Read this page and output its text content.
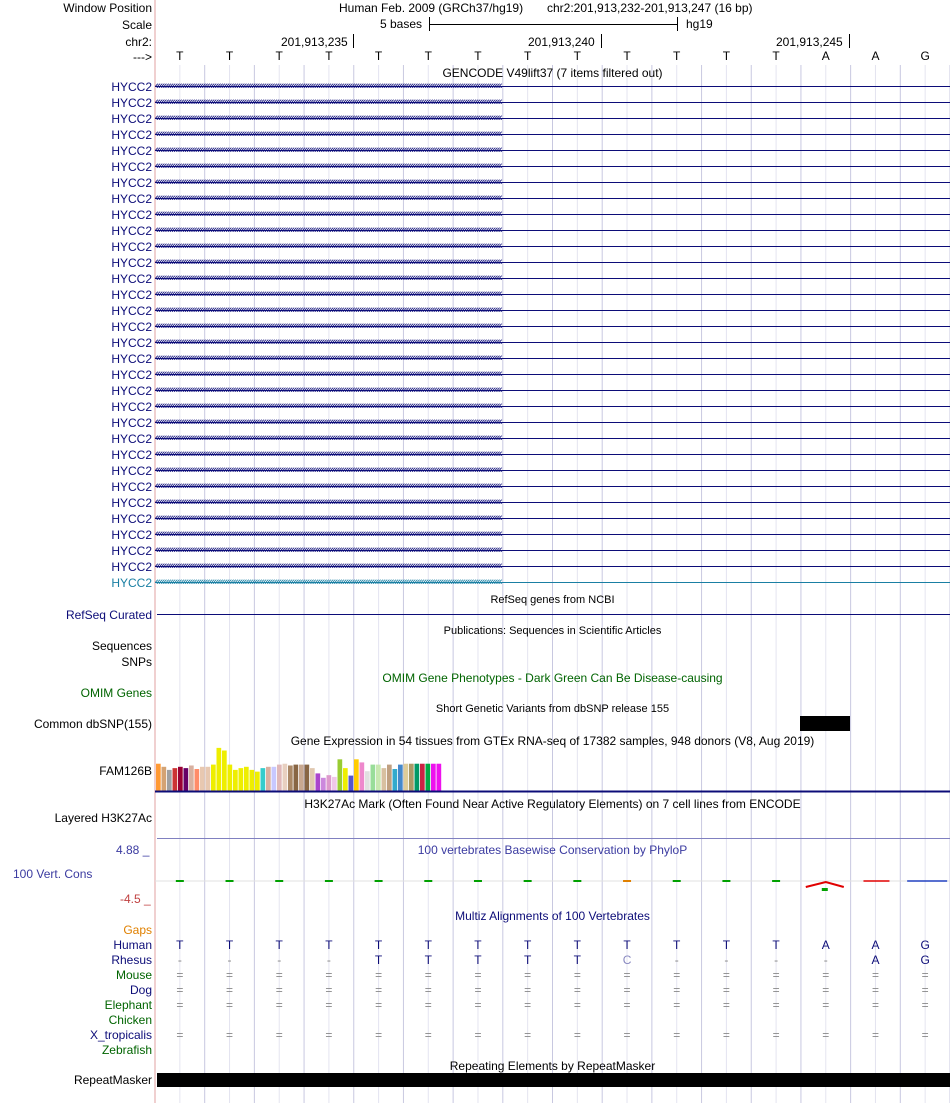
Window Position	Human Feb. 2009 (GRCh37/hg19) chr2:201,913,232-201,913,247 (16 bp)
Scale	5 bases	hg19
chr2:	201,913,235	201,913,240	201,913,245
--->	T	T	T	T	T	T	T	T	T	T	T	T	T	A	A	G
GENCODE V49lift37 (7 items filtered out)
HYCC2 ‹‹‹‹‹‹‹‹‹‹‹‹‹‹‹‹‹‹‹‹‹‹‹‹‹‹‹‹‹‹‹‹‹‹‹‹‹‹‹‹‹‹‹‹‹‹‹‹‹‹‹‹‹‹‹‹‹‹‹‹‹‹‹‹‹‹‹‹‹‹‹‹‹‹‹‹‹‹‹‹‹‹‹‹‹‹‹‹‹‹‹‹‹‹‹‹‹‹‹‹‹‹‹‹‹‹‹‹‹‹‹‹‹‹‹‹‹‹‹‹‹‹‹‹‹‹‹‹‹‹‹‹‹‹‹‹‹‹‹‹‹‹‹‹‹‹‹‹‹‹‹‹‹‹‹‹‹‹‹‹
HYCC2 ‹‹‹‹‹‹‹‹‹‹‹‹‹‹‹‹‹‹‹‹‹‹‹‹‹‹‹‹‹‹‹‹‹‹‹‹‹‹‹‹‹‹‹‹‹‹‹‹‹‹‹‹‹‹‹‹‹‹‹‹‹‹‹‹‹‹‹‹‹‹‹‹‹‹‹‹‹‹‹‹‹‹‹‹‹‹‹‹‹‹‹‹‹‹‹‹‹‹‹‹‹‹‹‹‹‹‹‹‹‹‹‹‹‹‹‹‹‹‹‹‹‹‹‹‹‹‹‹‹‹‹‹‹‹‹‹‹‹‹‹‹‹‹‹‹‹‹‹‹‹‹‹‹‹‹‹‹‹‹‹
HYCC2 ‹‹‹‹‹‹‹‹‹‹‹‹‹‹‹‹‹‹‹‹‹‹‹‹‹‹‹‹‹‹‹‹‹‹‹‹‹‹‹‹‹‹‹‹‹‹‹‹‹‹‹‹‹‹‹‹‹‹‹‹‹‹‹‹‹‹‹‹‹‹‹‹‹‹‹‹‹‹‹‹‹‹‹‹‹‹‹‹‹‹‹‹‹‹‹‹‹‹‹‹‹‹‹‹‹‹‹‹‹‹‹‹‹‹‹‹‹‹‹‹‹‹‹‹‹‹‹‹‹‹‹‹‹‹‹‹‹‹‹‹‹‹‹‹‹‹‹‹‹‹‹‹‹‹‹‹‹‹‹‹
HYCC2 ‹‹‹‹‹‹‹‹‹‹‹‹‹‹‹‹‹‹‹‹‹‹‹‹‹‹‹‹‹‹‹‹‹‹‹‹‹‹‹‹‹‹‹‹‹‹‹‹‹‹‹‹‹‹‹‹‹‹‹‹‹‹‹‹‹‹‹‹‹‹‹‹‹‹‹‹‹‹‹‹‹‹‹‹‹‹‹‹‹‹‹‹‹‹‹‹‹‹‹‹‹‹‹‹‹‹‹‹‹‹‹‹‹‹‹‹‹‹‹‹‹‹‹‹‹‹‹‹‹‹‹‹‹‹‹‹‹‹‹‹‹‹‹‹‹‹‹‹‹‹‹‹‹‹‹‹‹‹‹‹
HYCC2 ‹‹‹‹‹‹‹‹‹‹‹‹‹‹‹‹‹‹‹‹‹‹‹‹‹‹‹‹‹‹‹‹‹‹‹‹‹‹‹‹‹‹‹‹‹‹‹‹‹‹‹‹‹‹‹‹‹‹‹‹‹‹‹‹‹‹‹‹‹‹‹‹‹‹‹‹‹‹‹‹‹‹‹‹‹‹‹‹‹‹‹‹‹‹‹‹‹‹‹‹‹‹‹‹‹‹‹‹‹‹‹‹‹‹‹‹‹‹‹‹‹‹‹‹‹‹‹‹‹‹‹‹‹‹‹‹‹‹‹‹‹‹‹‹‹‹‹‹‹‹‹‹‹‹‹‹‹‹‹‹
HYCC2 ‹‹‹‹‹‹‹‹‹‹‹‹‹‹‹‹‹‹‹‹‹‹‹‹‹‹‹‹‹‹‹‹‹‹‹‹‹‹‹‹‹‹‹‹‹‹‹‹‹‹‹‹‹‹‹‹‹‹‹‹‹‹‹‹‹‹‹‹‹‹‹‹‹‹‹‹‹‹‹‹‹‹‹‹‹‹‹‹‹‹‹‹‹‹‹‹‹‹‹‹‹‹‹‹‹‹‹‹‹‹‹‹‹‹‹‹‹‹‹‹‹‹‹‹‹‹‹‹‹‹‹‹‹‹‹‹‹‹‹‹‹‹‹‹‹‹‹‹‹‹‹‹‹‹‹‹‹‹‹‹
HYCC2 ‹‹‹‹‹‹‹‹‹‹‹‹‹‹‹‹‹‹‹‹‹‹‹‹‹‹‹‹‹‹‹‹‹‹‹‹‹‹‹‹‹‹‹‹‹‹‹‹‹‹‹‹‹‹‹‹‹‹‹‹‹‹‹‹‹‹‹‹‹‹‹‹‹‹‹‹‹‹‹‹‹‹‹‹‹‹‹‹‹‹‹‹‹‹‹‹‹‹‹‹‹‹‹‹‹‹‹‹‹‹‹‹‹‹‹‹‹‹‹‹‹‹‹‹‹‹‹‹‹‹‹‹‹‹‹‹‹‹‹‹‹‹‹‹‹‹‹‹‹‹‹‹‹‹‹‹‹‹‹‹
HYCC2 ‹‹‹‹‹‹‹‹‹‹‹‹‹‹‹‹‹‹‹‹‹‹‹‹‹‹‹‹‹‹‹‹‹‹‹‹‹‹‹‹‹‹‹‹‹‹‹‹‹‹‹‹‹‹‹‹‹‹‹‹‹‹‹‹‹‹‹‹‹‹‹‹‹‹‹‹‹‹‹‹‹‹‹‹‹‹‹‹‹‹‹‹‹‹‹‹‹‹‹‹‹‹‹‹‹‹‹‹‹‹‹‹‹‹‹‹‹‹‹‹‹‹‹‹‹‹‹‹‹‹‹‹‹‹‹‹‹‹‹‹‹‹‹‹‹‹‹‹‹‹‹‹‹‹‹‹‹‹‹‹
HYCC2 ‹‹‹‹‹‹‹‹‹‹‹‹‹‹‹‹‹‹‹‹‹‹‹‹‹‹‹‹‹‹‹‹‹‹‹‹‹‹‹‹‹‹‹‹‹‹‹‹‹‹‹‹‹‹‹‹‹‹‹‹‹‹‹‹‹‹‹‹‹‹‹‹‹‹‹‹‹‹‹‹‹‹‹‹‹‹‹‹‹‹‹‹‹‹‹‹‹‹‹‹‹‹‹‹‹‹‹‹‹‹‹‹‹‹‹‹‹‹‹‹‹‹‹‹‹‹‹‹‹‹‹‹‹‹‹‹‹‹‹‹‹‹‹‹‹‹‹‹‹‹‹‹‹‹‹‹‹‹‹‹
HYCC2 ‹‹‹‹‹‹‹‹‹‹‹‹‹‹‹‹‹‹‹‹‹‹‹‹‹‹‹‹‹‹‹‹‹‹‹‹‹‹‹‹‹‹‹‹‹‹‹‹‹‹‹‹‹‹‹‹‹‹‹‹‹‹‹‹‹‹‹‹‹‹‹‹‹‹‹‹‹‹‹‹‹‹‹‹‹‹‹‹‹‹‹‹‹‹‹‹‹‹‹‹‹‹‹‹‹‹‹‹‹‹‹‹‹‹‹‹‹‹‹‹‹‹‹‹‹‹‹‹‹‹‹‹‹‹‹‹‹‹‹‹‹‹‹‹‹‹‹‹‹‹‹‹‹‹‹‹‹‹‹‹
HYCC2 ‹‹‹‹‹‹‹‹‹‹‹‹‹‹‹‹‹‹‹‹‹‹‹‹‹‹‹‹‹‹‹‹‹‹‹‹‹‹‹‹‹‹‹‹‹‹‹‹‹‹‹‹‹‹‹‹‹‹‹‹‹‹‹‹‹‹‹‹‹‹‹‹‹‹‹‹‹‹‹‹‹‹‹‹‹‹‹‹‹‹‹‹‹‹‹‹‹‹‹‹‹‹‹‹‹‹‹‹‹‹‹‹‹‹‹‹‹‹‹‹‹‹‹‹‹‹‹‹‹‹‹‹‹‹‹‹‹‹‹‹‹‹‹‹‹‹‹‹‹‹‹‹‹‹‹‹‹‹‹‹
HYCC2 ‹‹‹‹‹‹‹‹‹‹‹‹‹‹‹‹‹‹‹‹‹‹‹‹‹‹‹‹‹‹‹‹‹‹‹‹‹‹‹‹‹‹‹‹‹‹‹‹‹‹‹‹‹‹‹‹‹‹‹‹‹‹‹‹‹‹‹‹‹‹‹‹‹‹‹‹‹‹‹‹‹‹‹‹‹‹‹‹‹‹‹‹‹‹‹‹‹‹‹‹‹‹‹‹‹‹‹‹‹‹‹‹‹‹‹‹‹‹‹‹‹‹‹‹‹‹‹‹‹‹‹‹‹‹‹‹‹‹‹‹‹‹‹‹‹‹‹‹‹‹‹‹‹‹‹‹‹‹‹‹
HYCC2 ‹‹‹‹‹‹‹‹‹‹‹‹‹‹‹‹‹‹‹‹‹‹‹‹‹‹‹‹‹‹‹‹‹‹‹‹‹‹‹‹‹‹‹‹‹‹‹‹‹‹‹‹‹‹‹‹‹‹‹‹‹‹‹‹‹‹‹‹‹‹‹‹‹‹‹‹‹‹‹‹‹‹‹‹‹‹‹‹‹‹‹‹‹‹‹‹‹‹‹‹‹‹‹‹‹‹‹‹‹‹‹‹‹‹‹‹‹‹‹‹‹‹‹‹‹‹‹‹‹‹‹‹‹‹‹‹‹‹‹‹‹‹‹‹‹‹‹‹‹‹‹‹‹‹‹‹‹‹‹‹
HYCC2 ‹‹‹‹‹‹‹‹‹‹‹‹‹‹‹‹‹‹‹‹‹‹‹‹‹‹‹‹‹‹‹‹‹‹‹‹‹‹‹‹‹‹‹‹‹‹‹‹‹‹‹‹‹‹‹‹‹‹‹‹‹‹‹‹‹‹‹‹‹‹‹‹‹‹‹‹‹‹‹‹‹‹‹‹‹‹‹‹‹‹‹‹‹‹‹‹‹‹‹‹‹‹‹‹‹‹‹‹‹‹‹‹‹‹‹‹‹‹‹‹‹‹‹‹‹‹‹‹‹‹‹‹‹‹‹‹‹‹‹‹‹‹‹‹‹‹‹‹‹‹‹‹‹‹‹‹‹‹‹‹
HYCC2 ‹‹‹‹‹‹‹‹‹‹‹‹‹‹‹‹‹‹‹‹‹‹‹‹‹‹‹‹‹‹‹‹‹‹‹‹‹‹‹‹‹‹‹‹‹‹‹‹‹‹‹‹‹‹‹‹‹‹‹‹‹‹‹‹‹‹‹‹‹‹‹‹‹‹‹‹‹‹‹‹‹‹‹‹‹‹‹‹‹‹‹‹‹‹‹‹‹‹‹‹‹‹‹‹‹‹‹‹‹‹‹‹‹‹‹‹‹‹‹‹‹‹‹‹‹‹‹‹‹‹‹‹‹‹‹‹‹‹‹‹‹‹‹‹‹‹‹‹‹‹‹‹‹‹‹‹‹‹‹‹
HYCC2 ‹‹‹‹‹‹‹‹‹‹‹‹‹‹‹‹‹‹‹‹‹‹‹‹‹‹‹‹‹‹‹‹‹‹‹‹‹‹‹‹‹‹‹‹‹‹‹‹‹‹‹‹‹‹‹‹‹‹‹‹‹‹‹‹‹‹‹‹‹‹‹‹‹‹‹‹‹‹‹‹‹‹‹‹‹‹‹‹‹‹‹‹‹‹‹‹‹‹‹‹‹‹‹‹‹‹‹‹‹‹‹‹‹‹‹‹‹‹‹‹‹‹‹‹‹‹‹‹‹‹‹‹‹‹‹‹‹‹‹‹‹‹‹‹‹‹‹‹‹‹‹‹‹‹‹‹‹‹‹‹
HYCC2 ‹‹‹‹‹‹‹‹‹‹‹‹‹‹‹‹‹‹‹‹‹‹‹‹‹‹‹‹‹‹‹‹‹‹‹‹‹‹‹‹‹‹‹‹‹‹‹‹‹‹‹‹‹‹‹‹‹‹‹‹‹‹‹‹‹‹‹‹‹‹‹‹‹‹‹‹‹‹‹‹‹‹‹‹‹‹‹‹‹‹‹‹‹‹‹‹‹‹‹‹‹‹‹‹‹‹‹‹‹‹‹‹‹‹‹‹‹‹‹‹‹‹‹‹‹‹‹‹‹‹‹‹‹‹‹‹‹‹‹‹‹‹‹‹‹‹‹‹‹‹‹‹‹‹‹‹‹‹‹‹
HYCC2 ‹‹‹‹‹‹‹‹‹‹‹‹‹‹‹‹‹‹‹‹‹‹‹‹‹‹‹‹‹‹‹‹‹‹‹‹‹‹‹‹‹‹‹‹‹‹‹‹‹‹‹‹‹‹‹‹‹‹‹‹‹‹‹‹‹‹‹‹‹‹‹‹‹‹‹‹‹‹‹‹‹‹‹‹‹‹‹‹‹‹‹‹‹‹‹‹‹‹‹‹‹‹‹‹‹‹‹‹‹‹‹‹‹‹‹‹‹‹‹‹‹‹‹‹‹‹‹‹‹‹‹‹‹‹‹‹‹‹‹‹‹‹‹‹‹‹‹‹‹‹‹‹‹‹‹‹‹‹‹‹
HYCC2 ‹‹‹‹‹‹‹‹‹‹‹‹‹‹‹‹‹‹‹‹‹‹‹‹‹‹‹‹‹‹‹‹‹‹‹‹‹‹‹‹‹‹‹‹‹‹‹‹‹‹‹‹‹‹‹‹‹‹‹‹‹‹‹‹‹‹‹‹‹‹‹‹‹‹‹‹‹‹‹‹‹‹‹‹‹‹‹‹‹‹‹‹‹‹‹‹‹‹‹‹‹‹‹‹‹‹‹‹‹‹‹‹‹‹‹‹‹‹‹‹‹‹‹‹‹‹‹‹‹‹‹‹‹‹‹‹‹‹‹‹‹‹‹‹‹‹‹‹‹‹‹‹‹‹‹‹‹‹‹‹
HYCC2 ‹‹‹‹‹‹‹‹‹‹‹‹‹‹‹‹‹‹‹‹‹‹‹‹‹‹‹‹‹‹‹‹‹‹‹‹‹‹‹‹‹‹‹‹‹‹‹‹‹‹‹‹‹‹‹‹‹‹‹‹‹‹‹‹‹‹‹‹‹‹‹‹‹‹‹‹‹‹‹‹‹‹‹‹‹‹‹‹‹‹‹‹‹‹‹‹‹‹‹‹‹‹‹‹‹‹‹‹‹‹‹‹‹‹‹‹‹‹‹‹‹‹‹‹‹‹‹‹‹‹‹‹‹‹‹‹‹‹‹‹‹‹‹‹‹‹‹‹‹‹‹‹‹‹‹‹‹‹‹‹
HYCC2 ‹‹‹‹‹‹‹‹‹‹‹‹‹‹‹‹‹‹‹‹‹‹‹‹‹‹‹‹‹‹‹‹‹‹‹‹‹‹‹‹‹‹‹‹‹‹‹‹‹‹‹‹‹‹‹‹‹‹‹‹‹‹‹‹‹‹‹‹‹‹‹‹‹‹‹‹‹‹‹‹‹‹‹‹‹‹‹‹‹‹‹‹‹‹‹‹‹‹‹‹‹‹‹‹‹‹‹‹‹‹‹‹‹‹‹‹‹‹‹‹‹‹‹‹‹‹‹‹‹‹‹‹‹‹‹‹‹‹‹‹‹‹‹‹‹‹‹‹‹‹‹‹‹‹‹‹‹‹‹‹
HYCC2 ‹‹‹‹‹‹‹‹‹‹‹‹‹‹‹‹‹‹‹‹‹‹‹‹‹‹‹‹‹‹‹‹‹‹‹‹‹‹‹‹‹‹‹‹‹‹‹‹‹‹‹‹‹‹‹‹‹‹‹‹‹‹‹‹‹‹‹‹‹‹‹‹‹‹‹‹‹‹‹‹‹‹‹‹‹‹‹‹‹‹‹‹‹‹‹‹‹‹‹‹‹‹‹‹‹‹‹‹‹‹‹‹‹‹‹‹‹‹‹‹‹‹‹‹‹‹‹‹‹‹‹‹‹‹‹‹‹‹‹‹‹‹‹‹‹‹‹‹‹‹‹‹‹‹‹‹‹‹‹‹
HYCC2 ‹‹‹‹‹‹‹‹‹‹‹‹‹‹‹‹‹‹‹‹‹‹‹‹‹‹‹‹‹‹‹‹‹‹‹‹‹‹‹‹‹‹‹‹‹‹‹‹‹‹‹‹‹‹‹‹‹‹‹‹‹‹‹‹‹‹‹‹‹‹‹‹‹‹‹‹‹‹‹‹‹‹‹‹‹‹‹‹‹‹‹‹‹‹‹‹‹‹‹‹‹‹‹‹‹‹‹‹‹‹‹‹‹‹‹‹‹‹‹‹‹‹‹‹‹‹‹‹‹‹‹‹‹‹‹‹‹‹‹‹‹‹‹‹‹‹‹‹‹‹‹‹‹‹‹‹‹‹‹‹
HYCC2 ‹‹‹‹‹‹‹‹‹‹‹‹‹‹‹‹‹‹‹‹‹‹‹‹‹‹‹‹‹‹‹‹‹‹‹‹‹‹‹‹‹‹‹‹‹‹‹‹‹‹‹‹‹‹‹‹‹‹‹‹‹‹‹‹‹‹‹‹‹‹‹‹‹‹‹‹‹‹‹‹‹‹‹‹‹‹‹‹‹‹‹‹‹‹‹‹‹‹‹‹‹‹‹‹‹‹‹‹‹‹‹‹‹‹‹‹‹‹‹‹‹‹‹‹‹‹‹‹‹‹‹‹‹‹‹‹‹‹‹‹‹‹‹‹‹‹‹‹‹‹‹‹‹‹‹‹‹‹‹‹
HYCC2 ‹‹‹‹‹‹‹‹‹‹‹‹‹‹‹‹‹‹‹‹‹‹‹‹‹‹‹‹‹‹‹‹‹‹‹‹‹‹‹‹‹‹‹‹‹‹‹‹‹‹‹‹‹‹‹‹‹‹‹‹‹‹‹‹‹‹‹‹‹‹‹‹‹‹‹‹‹‹‹‹‹‹‹‹‹‹‹‹‹‹‹‹‹‹‹‹‹‹‹‹‹‹‹‹‹‹‹‹‹‹‹‹‹‹‹‹‹‹‹‹‹‹‹‹‹‹‹‹‹‹‹‹‹‹‹‹‹‹‹‹‹‹‹‹‹‹‹‹‹‹‹‹‹‹‹‹‹‹‹‹
HYCC2 ‹‹‹‹‹‹‹‹‹‹‹‹‹‹‹‹‹‹‹‹‹‹‹‹‹‹‹‹‹‹‹‹‹‹‹‹‹‹‹‹‹‹‹‹‹‹‹‹‹‹‹‹‹‹‹‹‹‹‹‹‹‹‹‹‹‹‹‹‹‹‹‹‹‹‹‹‹‹‹‹‹‹‹‹‹‹‹‹‹‹‹‹‹‹‹‹‹‹‹‹‹‹‹‹‹‹‹‹‹‹‹‹‹‹‹‹‹‹‹‹‹‹‹‹‹‹‹‹‹‹‹‹‹‹‹‹‹‹‹‹‹‹‹‹‹‹‹‹‹‹‹‹‹‹‹‹‹‹‹‹
HYCC2 ‹‹‹‹‹‹‹‹‹‹‹‹‹‹‹‹‹‹‹‹‹‹‹‹‹‹‹‹‹‹‹‹‹‹‹‹‹‹‹‹‹‹‹‹‹‹‹‹‹‹‹‹‹‹‹‹‹‹‹‹‹‹‹‹‹‹‹‹‹‹‹‹‹‹‹‹‹‹‹‹‹‹‹‹‹‹‹‹‹‹‹‹‹‹‹‹‹‹‹‹‹‹‹‹‹‹‹‹‹‹‹‹‹‹‹‹‹‹‹‹‹‹‹‹‹‹‹‹‹‹‹‹‹‹‹‹‹‹‹‹‹‹‹‹‹‹‹‹‹‹‹‹‹‹‹‹‹‹‹‹
HYCC2 ‹‹‹‹‹‹‹‹‹‹‹‹‹‹‹‹‹‹‹‹‹‹‹‹‹‹‹‹‹‹‹‹‹‹‹‹‹‹‹‹‹‹‹‹‹‹‹‹‹‹‹‹‹‹‹‹‹‹‹‹‹‹‹‹‹‹‹‹‹‹‹‹‹‹‹‹‹‹‹‹‹‹‹‹‹‹‹‹‹‹‹‹‹‹‹‹‹‹‹‹‹‹‹‹‹‹‹‹‹‹‹‹‹‹‹‹‹‹‹‹‹‹‹‹‹‹‹‹‹‹‹‹‹‹‹‹‹‹‹‹‹‹‹‹‹‹‹‹‹‹‹‹‹‹‹‹‹‹‹‹
HYCC2 ‹‹‹‹‹‹‹‹‹‹‹‹‹‹‹‹‹‹‹‹‹‹‹‹‹‹‹‹‹‹‹‹‹‹‹‹‹‹‹‹‹‹‹‹‹‹‹‹‹‹‹‹‹‹‹‹‹‹‹‹‹‹‹‹‹‹‹‹‹‹‹‹‹‹‹‹‹‹‹‹‹‹‹‹‹‹‹‹‹‹‹‹‹‹‹‹‹‹‹‹‹‹‹‹‹‹‹‹‹‹‹‹‹‹‹‹‹‹‹‹‹‹‹‹‹‹‹‹‹‹‹‹‹‹‹‹‹‹‹‹‹‹‹‹‹‹‹‹‹‹‹‹‹‹‹‹‹‹‹‹
HYCC2 ‹‹‹‹‹‹‹‹‹‹‹‹‹‹‹‹‹‹‹‹‹‹‹‹‹‹‹‹‹‹‹‹‹‹‹‹‹‹‹‹‹‹‹‹‹‹‹‹‹‹‹‹‹‹‹‹‹‹‹‹‹‹‹‹‹‹‹‹‹‹‹‹‹‹‹‹‹‹‹‹‹‹‹‹‹‹‹‹‹‹‹‹‹‹‹‹‹‹‹‹‹‹‹‹‹‹‹‹‹‹‹‹‹‹‹‹‹‹‹‹‹‹‹‹‹‹‹‹‹‹‹‹‹‹‹‹‹‹‹‹‹‹‹‹‹‹‹‹‹‹‹‹‹‹‹‹‹‹‹‹
HYCC2 ‹‹‹‹‹‹‹‹‹‹‹‹‹‹‹‹‹‹‹‹‹‹‹‹‹‹‹‹‹‹‹‹‹‹‹‹‹‹‹‹‹‹‹‹‹‹‹‹‹‹‹‹‹‹‹‹‹‹‹‹‹‹‹‹‹‹‹‹‹‹‹‹‹‹‹‹‹‹‹‹‹‹‹‹‹‹‹‹‹‹‹‹‹‹‹‹‹‹‹‹‹‹‹‹‹‹‹‹‹‹‹‹‹‹‹‹‹‹‹‹‹‹‹‹‹‹‹‹‹‹‹‹‹‹‹‹‹‹‹‹‹‹‹‹‹‹‹‹‹‹‹‹‹‹‹‹‹‹‹‹
HYCC2 ‹‹‹‹‹‹‹‹‹‹‹‹‹‹‹‹‹‹‹‹‹‹‹‹‹‹‹‹‹‹‹‹‹‹‹‹‹‹‹‹‹‹‹‹‹‹‹‹‹‹‹‹‹‹‹‹‹‹‹‹‹‹‹‹‹‹‹‹‹‹‹‹‹‹‹‹‹‹‹‹‹‹‹‹‹‹‹‹‹‹‹‹‹‹‹‹‹‹‹‹‹‹‹‹‹‹‹‹‹‹‹‹‹‹‹‹‹‹‹‹‹‹‹‹‹‹‹‹‹‹‹‹‹‹‹‹‹‹‹‹‹‹‹‹‹‹‹‹‹‹‹‹‹‹‹‹‹‹‹‹
RefSeq genes from NCBI
RefSeq Curated
Publications: Sequences in Scientific Articles
Sequences
SNPs
OMIM Gene Phenotypes - Dark Green Can Be Disease-causing
OMIM Genes
Short Genetic Variants from dbSNP release 155
Common dbSNP(155)
Gene Expression in 54 tissues from GTEx RNA-seq of 17382 samples, 948 donors (V8, Aug 2019)
FAM126B
H3K27Ac Mark (Often Found Near Active Regulatory Elements) on 7 cell lines from ENCODE
Layered H3K27Ac
100 vertebrates Basewise Conservation by PhyloP
4.88 _
100 Vert. Cons
-4.5 _
Multiz Alignments of 100 Vertebrates
Gaps
Human	T	T	T	T	T	T	T	T	T	T	T	T	T	A	A	G
Rhesus	-	-	-	-	T	T	T	T	T	C	-	-	-	-	A	G
Mouse	=	=	=	=	=	=	=	=	=	=	=	=	=	=	=	=
Dog	=	=	=	=	=	=	=	=	=	=	=	=	=	=	=	=
Elephant	=	=	=	=	=	=	=	=	=	=	=	=	=	=	=	=
Chicken
X_tropicalis	=	=	=	=	=	=	=	=	=	=	=	=	=	=	=	=
Zebrafish
Repeating Elements by RepeatMasker
RepeatMasker
